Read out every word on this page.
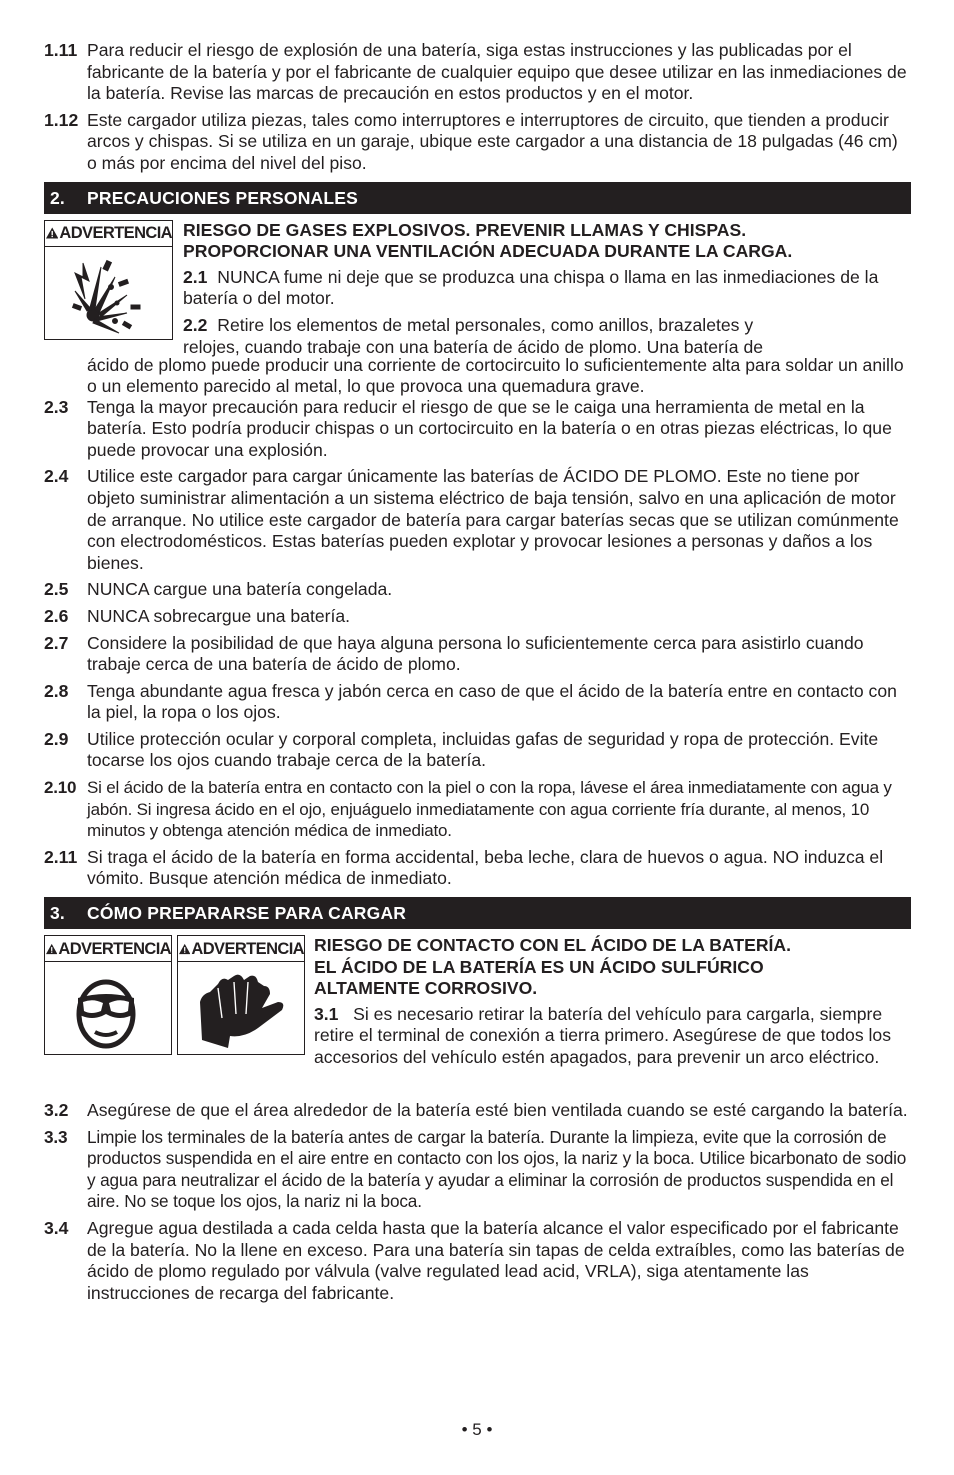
1.11 Para reducir el riesgo de explosión de una batería, siga estas instrucciones y las publicadas por el fabricante de la batería y por el fabricante de cualquier equipo que desee utilizar en las inmediaciones de la batería. Revise las marcas de precaución en estos productos y en el motor.
1.12 Este cargador utiliza piezas, tales como interruptores e interruptores de circuito, que tienden a producir arcos y chispas. Si se utiliza en un garaje, ubique este cargador a una distancia de 18 pulgadas (46 cm) o más por encima del nivel del piso.
2. PRECAUCIONES PERSONALES
ADVERTENCIA RIESGO DE GASES EXPLOSIVOS. PREVENIR LLAMAS Y CHISPAS.
PROPORCIONAR UNA VENTILACIÓN ADECUADA DURANTE LA CARGA.
2.1 NUNCA fume ni deje que se produzca una chispa o llama en las inmediaciones de la batería o del motor.
2.2 Retire los elementos de metal personales, como anillos, brazaletes y
relojes, cuando trabaje con una batería de ácido de plomo. Una batería de
ácido de plomo puede producir una corriente de cortocircuito lo suficientemente alta para soldar un anillo o un elemento parecido al metal, lo que provoca una quemadura grave.
2.3 Tenga la mayor precaución para reducir el riesgo de que se le caiga una herramienta de metal en la batería. Esto podría producir chispas o un cortocircuito en la batería o en otras piezas eléctricas, lo que puede provocar una explosión.
2.4 Utilice este cargador para cargar únicamente las baterías de ÁCIDO DE PLOMO. Este no tiene por objeto suministrar alimentación a un sistema eléctrico de baja tensión, salvo en una aplicación de motor de arranque. No utilice este cargador de batería para cargar baterías secas que se utilizan comúnmente con electrodomésticos. Estas baterías pueden explotar y provocar lesiones a personas y daños a los bienes.
2.5 NUNCA cargue una batería congelada.
2.6 NUNCA sobrecargue una batería.
2.7 Considere la posibilidad de que haya alguna persona lo suficientemente cerca para asistirlo cuando trabaje cerca de una batería de ácido de plomo.
2.8 Tenga abundante agua fresca y jabón cerca en caso de que el ácido de la batería entre en contacto con la piel, la ropa o los ojos.
2.9 Utilice protección ocular y corporal completa, incluidas gafas de seguridad y ropa de protección. Evite tocarse los ojos cuando trabaje cerca de la batería.
2.10 Si el ácido de la batería entra en contacto con la piel o con la ropa, lávese el área inmediatamente con agua y jabón. Si ingresa ácido en el ojo, enjuáguelo inmediatamente con agua corriente fría durante, al menos, 10 minutos y obtenga atención médica de inmediato.
2.11 Si traga el ácido de la batería en forma accidental, beba leche, clara de huevos o agua. NO induzca el vómito. Busque atención médica de inmediato.
3. CÓMO PREPARARSE PARA CARGAR
ADVERTENCIA ADVERTENCIA RIESGO DE CONTACTO CON EL ÁCIDO DE LA BATERÍA.
EL ÁCIDO DE LA BATERÍA ES UN ÁCIDO SULFÚRICO
ALTAMENTE CORROSIVO.
3.1 Si es necesario retirar la batería del vehículo para cargarla, siempre retire el terminal de conexión a tierra primero. Asegúrese de que todos los accesorios del vehículo estén apagados, para prevenir un arco eléctrico.
3.2 Asegúrese de que el área alrededor de la batería esté bien ventilada cuando se esté cargando la batería.
3.3 Limpie los terminales de la batería antes de cargar la batería. Durante la limpieza, evite que la corrosión de productos suspendida en el aire entre en contacto con los ojos, la nariz y la boca. Utilice bicarbonato de sodio y agua para neutralizar el ácido de la batería y ayudar a eliminar la corrosión de productos suspendida en el aire. No se toque los ojos, la nariz ni la boca.
3.4 Agregue agua destilada a cada celda hasta que la batería alcance el valor especificado por el fabricante de la batería. No la llene en exceso. Para una batería sin tapas de celda extraíbles, como las baterías de ácido de plomo regulado por válvula (valve regulated lead acid, VRLA), siga atentamente las instrucciones de recarga del fabricante.
• 5 •
